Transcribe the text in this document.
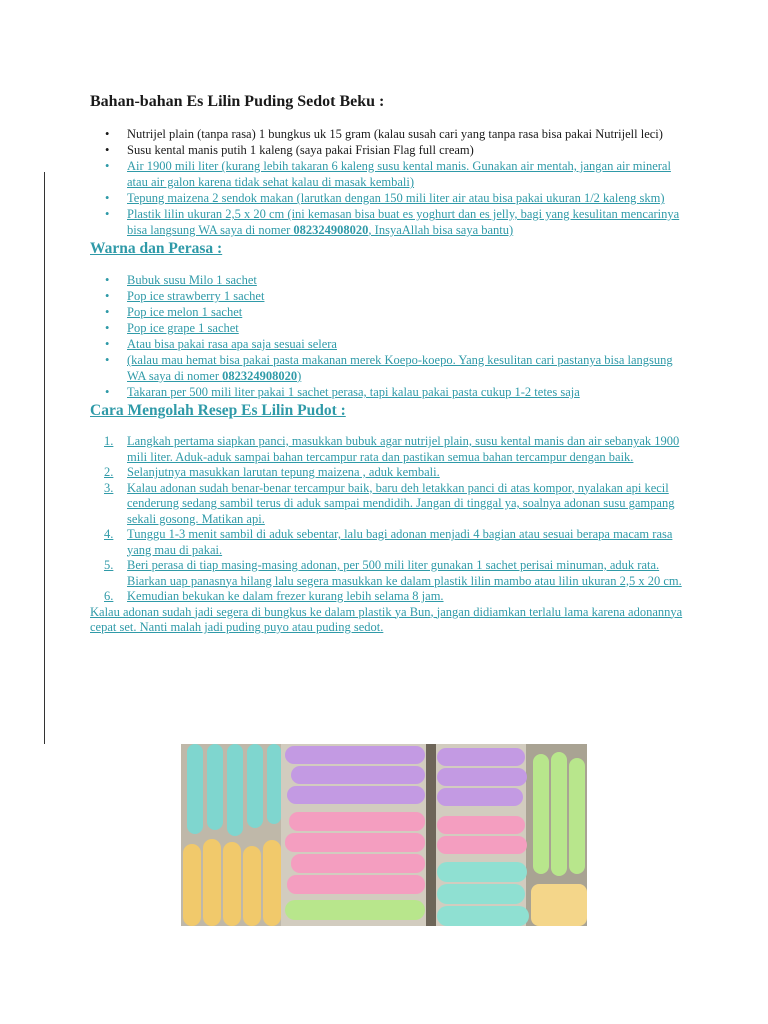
Bahan-bahan Es Lilin Puding Sedot Beku :
• Nutrijel plain (tanpa rasa) 1 bungkus uk 15 gram (kalau susah cari yang tanpa rasa bisa pakai Nutrijell leci)
• Susu kental manis putih 1 kaleng (saya pakai Frisian Flag full cream)
• Air 1900 mili liter (kurang lebih takaran 6 kaleng susu kental manis. Gunakan air mentah, jangan air mineral atau air galon karena tidak sehat kalau di masak kembali)
• Tepung maizena 2 sendok makan (larutkan dengan 150 mili liter air atau bisa pakai ukuran 1/2 kaleng skm)
• Plastik lilin ukuran 2,5 x 20 cm (ini kemasan bisa buat es yoghurt dan es jelly, bagi yang kesulitan mencarinya bisa langsung WA saya di nomer 082324908020, InsyaAllah bisa saya bantu)
Warna dan Perasa :
• Bubuk susu Milo 1 sachet
• Pop ice strawberry 1 sachet
• Pop ice melon 1 sachet
• Pop ice grape 1 sachet
• Atau bisa pakai rasa apa saja sesuai selera
• (kalau mau hemat bisa pakai pasta makanan merek Koepo-koepo. Yang kesulitan cari pastanya bisa langsung WA saya di nomer 082324908020)
• Takaran per 500 mili liter pakai 1 sachet perasa, tapi kalau pakai pasta cukup 1-2 tetes saja
Cara Mengolah Resep Es Lilin Pudot :
1. Langkah pertama siapkan panci, masukkan bubuk agar nutrijel plain, susu kental manis dan air sebanyak 1900 mili liter. Aduk-aduk sampai bahan tercampur rata dan pastikan semua bahan tercampur dengan baik.
2. Selanjutnya masukkan larutan tepung maizena , aduk kembali.
3. Kalau adonan sudah benar-benar tercampur baik, baru deh letakkan panci di atas kompor, nyalakan api kecil cenderung sedang sambil terus di aduk sampai mendidih. Jangan di tinggal ya, soalnya adonan susu gampang sekali gosong. Matikan api.
4. Tunggu 1-3 menit sambil di aduk sebentar, lalu bagi adonan menjadi 4 bagian atau sesuai berapa macam rasa yang mau di pakai.
5. Beri perasa di tiap masing-masing adonan, per 500 mili liter gunakan 1 sachet perisai minuman, aduk rata. Biarkan uap panasnya hilang lalu segera masukkan ke dalam plastik lilin mambo atau lilin ukuran 2,5 x 20 cm.
6. Kemudian bekukan ke dalam frezer kurang lebih selama 8 jam.

Kalau adonan sudah jadi segera di bungkus ke dalam plastik ya Bun, jangan didiamkan terlalu lama karena adonannya cepat set. Nanti malah jadi puding puyo atau puding sedot.
